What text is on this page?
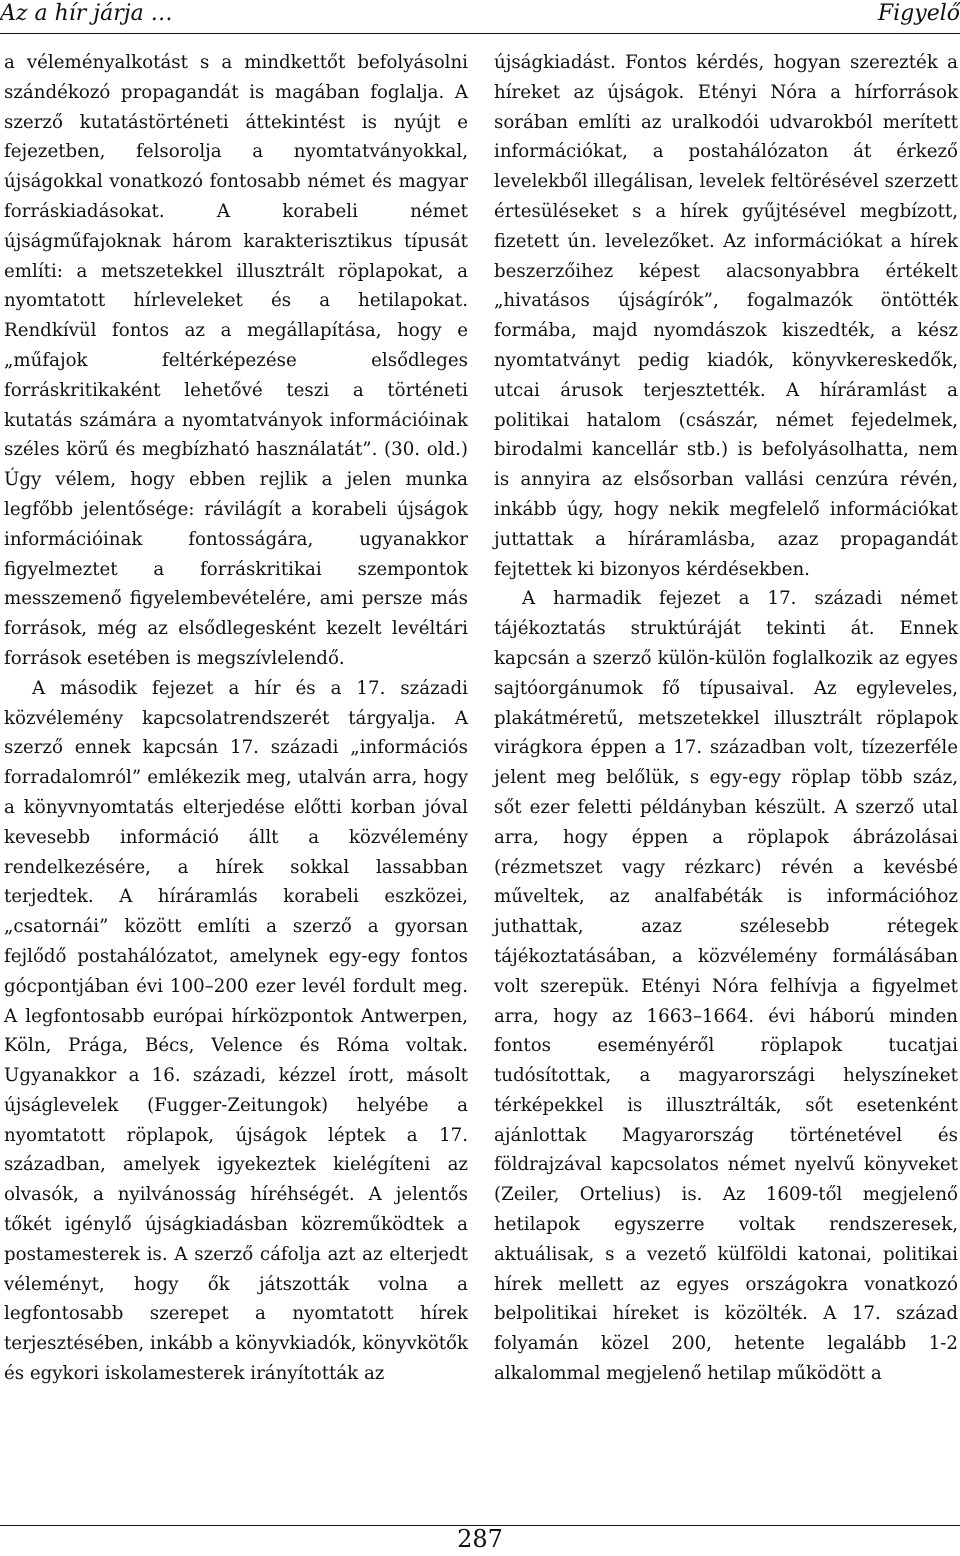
Az a hír járja …	Figyelő

a véleményalkotást s a mindkettőt befolyásolni szándékozó propagandát is magában foglalja. A szerző kutatástörténeti áttekintést is nyújt e fejezetben, felsorolja a nyomtatványokkal, újságokkal vonatkozó fontosabb német és magyar forráskiadásokat. A korabeli német újságműfajoknak három karakterisztikus típusát említi: a metszetekkel illusztrált röplapokat, a nyomtatott hírleveleket és a hetilapokat. Rendkívül fontos az a megállapítása, hogy e „műfajok feltérképezése elsődleges forráskritikaként lehetővé teszi a történeti kutatás számára a nyomtatványok információinak széles körű és megbízható használatát”. (30. old.) Úgy vélem, hogy ebben rejlik a jelen munka legfőbb jelentősége: rávilágít a korabeli újságok információinak fontosságára, ugyanakkor figyelmeztet a forráskritikai szempontok messzemenő figyelembevételére, ami persze más források, még az elsődlegesként kezelt levéltári források esetében is megszívlelendő.

A második fejezet a hír és a 17. századi közvélemény kapcsolatrendszerét tárgyalja. A szerző ennek kapcsán 17. századi „információs forradalomról” emlékezik meg, utalván arra, hogy a könyvnyomtatás elterjedése előtti korban jóval kevesebb információ állt a közvélemény rendelkezésére, a hírek sokkal lassabban terjedtek. A híráramlás korabeli eszközei, „csatornái” között említi a szerző a gyorsan fejlődő postahálózatot, amelynek egy-egy fontos gócpontjában évi 100–200 ezer levél fordult meg. A legfontosabb európai hírközpontok Antwerpen, Köln, Prága, Bécs, Velence és Róma voltak. Ugyanakkor a 16. századi, kézzel írott, másolt újságlevelek (Fugger-Zeitungok) helyébe a nyomtatott röplapok, újságok léptek a 17. században, amelyek igyekeztek kielégíteni az olvasók, a nyilvánosság híréhségét. A jelentős tőkét igénylő újságkiadásban közreműködtek a postamesterek is. A szerző cáfolja azt az elterjedt véleményt, hogy ők játszották volna a legfontosabb szerepet a nyomtatott hírek terjesztésében, inkább a könyvkiadók, könyvkötők és egykori iskolamesterek irányították az

újságkiadást. Fontos kérdés, hogyan szerezték a híreket az újságok. Etényi Nóra a hírforrások sorában említi az uralkodói udvarokból merített információkat, a postahálózaton át érkező levelekből illegálisan, levelek feltörésével szerzett értesüléseket s a hírek gyűjtésével megbízott, fizetett ún. levelezőket. Az információkat a hírek beszerzőihez képest alacsonyabbra értékelt „hivatásos újságírók”, fogalmazók öntötték formába, majd nyomdászok kiszedték, a kész nyomtatványt pedig kiadók, könyvkereskedők, utcai árusok terjesztették. A híráramlást a politikai hatalom (császár, német fejedelmek, birodalmi kancellár stb.) is befolyásolhatta, nem is annyira az elsősorban vallási cenzúra révén, inkább úgy, hogy nekik megfelelő információkat juttattak a híráramlásba, azaz propagandát fejtettek ki bizonyos kérdésekben.

A harmadik fejezet a 17. századi német tájékoztatás struktúráját tekinti át. Ennek kapcsán a szerző külön-külön foglalkozik az egyes sajtóorgánumok fő típusaival. Az egyleveles, plakátméretű, metszetekkel illusztrált röplapok virágkora éppen a 17. században volt, tízezerféle jelent meg belőlük, s egy-egy röplap több száz, sőt ezer feletti példányban készült. A szerző utal arra, hogy éppen a röplapok ábrázolásai (rézmetszet vagy rézkarc) révén a kevésbé műveltek, az analfabéták is információhoz juthattak, azaz szélesebb rétegek tájékoztatásában, a közvélemény formálásában volt szerepük. Etényi Nóra felhívja a figyelmet arra, hogy az 1663–1664. évi háború minden fontos eseményéről röplapok tucatjai tudósítottak, a magyarországi helyszíneket térképekkel is illusztrálták, sőt esetenként ajánlottak Magyarország történetével és földrajzával kapcsolatos német nyelvű könyveket (Zeiler, Ortelius) is. Az 1609-től megjelenő hetilapok egyszerre voltak rendszeresek, aktuálisak, s a vezető külföldi katonai, politikai hírek mellett az egyes országokra vonatkozó belpolitikai híreket is közölték. A 17. század folyamán közel 200, hetente legalább 1-2 alkalommal megjelenő hetilap működött a

287
